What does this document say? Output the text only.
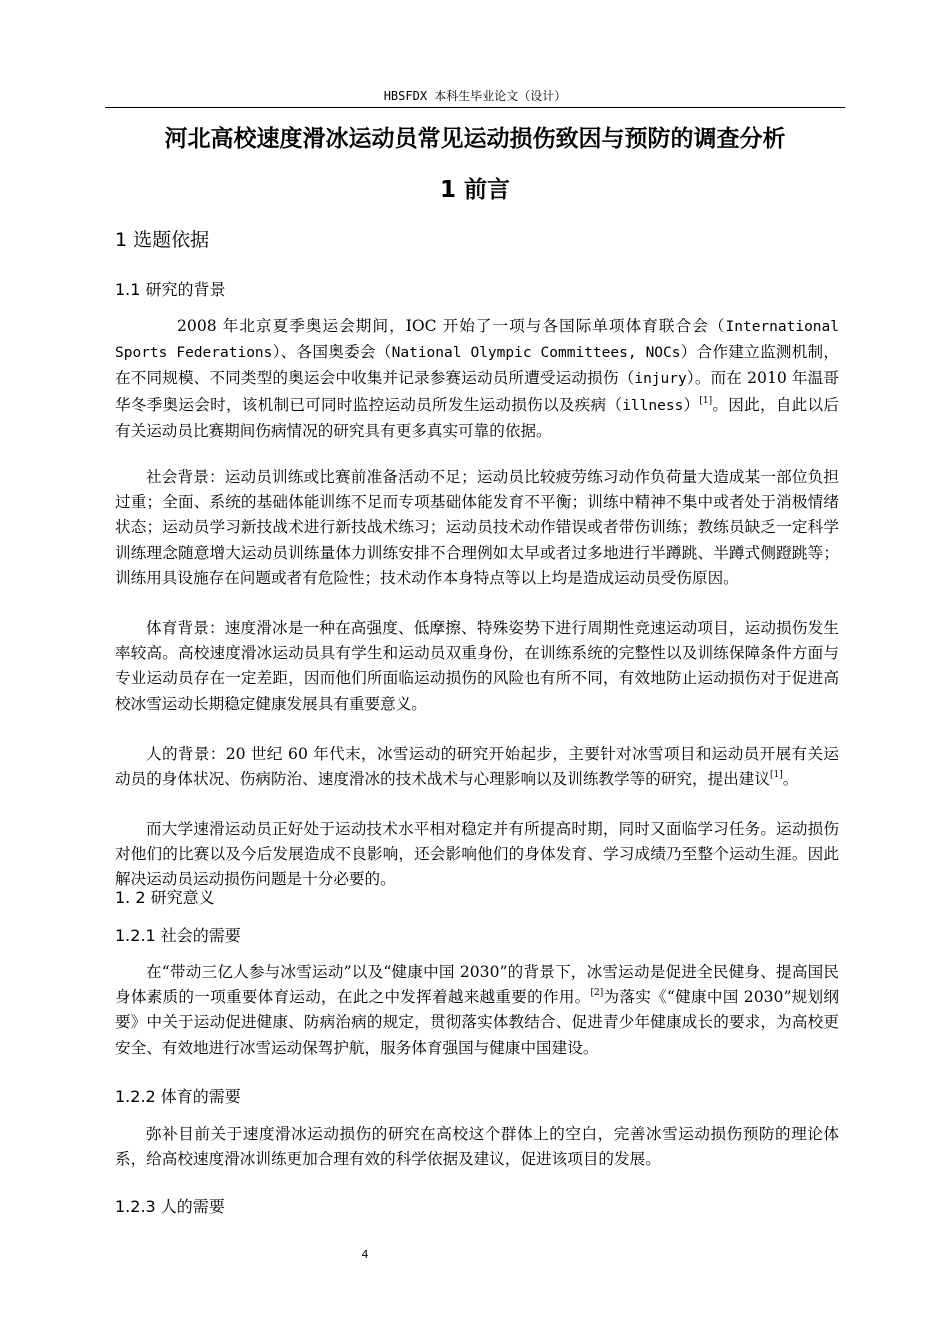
HBSFDX 本科生毕业论文（设计）
河北高校速度滑冰运动员常见运动损伤致因与预防的调查分析
1 前言
1 选题依据
1.1 研究的背景

2008 年北京夏季奥运会期间，IOC 开始了一项与各国际单项体育联合会（International Sports Federations）、各国奥委会（National Olympic Committees, NOCs）合作建立监测机制，在不同规模、不同类型的奥运会中收集并记录参赛运动员所遭受运动损伤（injury）。而在 2010 年温哥华冬季奥运会时，该机制已可同时监控运动员所发生运动损伤以及疾病（illness）[1]。因此，自此以后有关运动员比赛期间伤病情况的研究具有更多真实可靠的依据。

社会背景：运动员训练或比赛前准备活动不足；运动员比较疲劳练习动作负荷量大造成某一部位负担过重；全面、系统的基础体能训练不足而专项基础体能发育不平衡；训练中精神不集中或者处于消极情绪状态；运动员学习新技战术进行新技战术练习；运动员技术动作错误或者带伤训练；教练员缺乏一定科学训练理念随意增大运动员训练量体力训练安排不合理例如太早或者过多地进行半蹲跳、半蹲式侧蹬跳等；训练用具设施存在问题或者有危险性；技术动作本身特点等以上均是造成运动员受伤原因。

体育背景：速度滑冰是一种在高强度、低摩擦、特殊姿势下进行周期性竞速运动项目，运动损伤发生率较高。高校速度滑冰运动员具有学生和运动员双重身份，在训练系统的完整性以及训练保障条件方面与专业运动员存在一定差距，因而他们所面临运动损伤的风险也有所不同，有效地防止运动损伤对于促进高校冰雪运动长期稳定健康发展具有重要意义。

人的背景：20 世纪 60 年代末，冰雪运动的研究开始起步，主要针对冰雪项目和运动员开展有关运动员的身体状况、伤病防治、速度滑冰的技术战术与心理影响以及训练教学等的研究，提出建议[1]。

而大学速滑运动员正好处于运动技术水平相对稳定并有所提高时期，同时又面临学习任务。运动损伤对他们的比赛以及今后发展造成不良影响，还会影响他们的身体发育、学习成绩乃至整个运动生涯。因此解决运动员运动损伤问题是十分必要的。

1. 2 研究意义
1.2.1 社会的需要

在“带动三亿人参与冰雪运动”以及“健康中国 2030”的背景下，冰雪运动是促进全民健身、提高国民身体素质的一项重要体育运动，在此之中发挥着越来越重要的作用。[2]为落实《“健康中国 2030”规划纲要》中关于运动促进健康、防病治病的规定，贯彻落实体教结合、促进青少年健康成长的要求，为高校更安全、有效地进行冰雪运动保驾护航，服务体育强国与健康中国建设。

1.2.2 体育的需要

弥补目前关于速度滑冰运动损伤的研究在高校这个群体上的空白，完善冰雪运动损伤预防的理论体系，给高校速度滑冰训练更加合理有效的科学依据及建议，促进该项目的发展。

1.2.3 人的需要
4
